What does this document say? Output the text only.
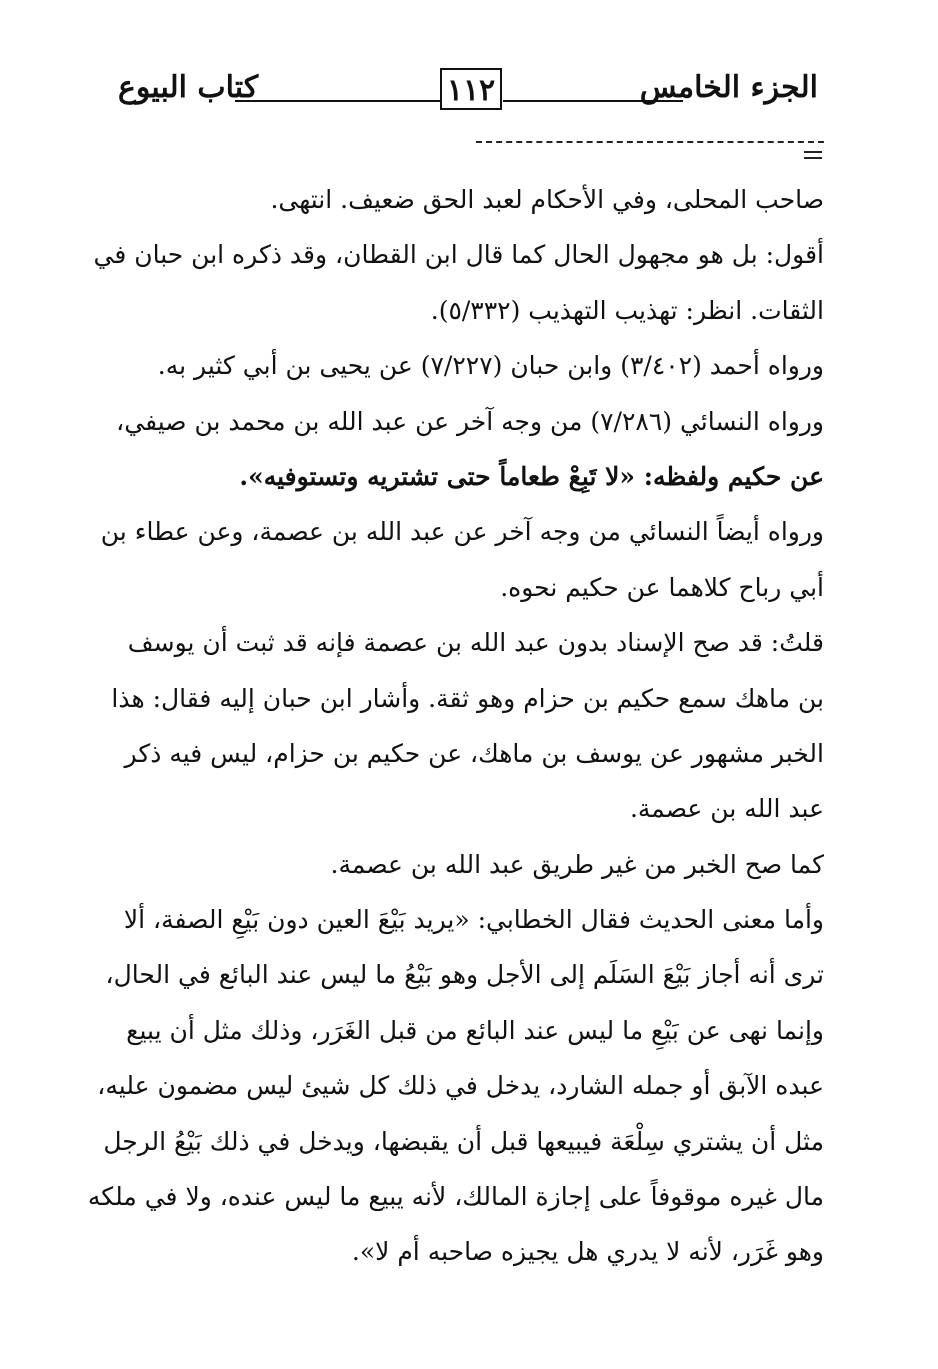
الجزء الخامس
١١٢
كتاب البيوع
صاحب المحلى، وفي الأحكام لعبد الحق ضعيف. انتهى.
أقول: بل هو مجهول الحال كما قال ابن القطان، وقد ذكره ابن حبان في
الثقات. انظر: تهذيب التهذيب (٥/٣٣٢).
ورواه أحمد (٣/٤٠٢) وابن حبان (٧/٢٢٧) عن يحيى بن أبي كثير به.
ورواه النسائي (٧/٢٨٦) من وجه آخر عن عبد الله بن محمد بن صيفي،
عن حكيم ولفظه: «لا تَبِعْ طعاماً حتى تشتريه وتستوفيه».
ورواه أيضاً النسائي من وجه آخر عن عبد الله بن عصمة، وعن عطاء بن
أبي رباح كلاهما عن حكيم نحوه.
قلتُ: قد صح الإسناد بدون عبد الله بن عصمة فإنه قد ثبت أن يوسف
بن ماهك سمع حكيم بن حزام وهو ثقة. وأشار ابن حبان إليه فقال: هذا
الخبر مشهور عن يوسف بن ماهك، عن حكيم بن حزام، ليس فيه ذكر
عبد الله بن عصمة.
كما صح الخبر من غير طريق عبد الله بن عصمة.
وأما معنى الحديث فقال الخطابي: «يريد بَيْعَ العين دون بَيْعِ الصفة، ألا
ترى أنه أجاز بَيْعَ السَلَم إلى الأجل وهو بَيْعُ ما ليس عند البائع في الحال،
وإنما نهى عن بَيْعِ ما ليس عند البائع من قبل الغَرَر، وذلك مثل أن يبيع
عبده الآبق أو جمله الشارد، يدخل في ذلك كل شيئ ليس مضمون عليه،
مثل أن يشتري سِلْعَة فيبيعها قبل أن يقبضها، ويدخل في ذلك بَيْعُ الرجل
مال غيره موقوفاً على إجازة المالك، لأنه يبيع ما ليس عنده، ولا في ملكه
وهو غَرَر، لأنه لا يدري هل يجيزه صاحبه أم لا».
